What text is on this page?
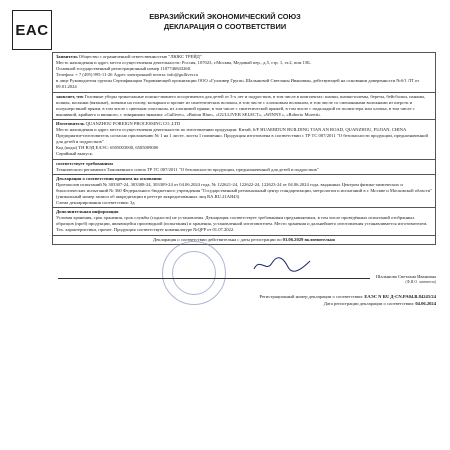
EAC
ЕВРАЗИЙСКИЙ ЭКОНОМИЧЕСКИЙ СОЮЗ
ДЕКЛАРАЦИЯ О СООТВЕТСТВИИ
Заявитель Общество с ограниченной ответственностью "ЛЮКС ТРЕЙД"
Место нахождения и адрес места осуществления деятельности: Россия, 107023, г.Москва, Медовый пер., д.5, стр. 1, эт.2, пом 15Б.
Основной государственный регистрационный номер 1107746843260.
Телефон: + 7 (495) 995-11-26 Адрес электронной почты: info@gulliver.ru
в лице Руководителя группы Сертификации Управляющей организации ООО «Гулливер Групп» Шалыновой Светланы Ивановны, действующей на основании доверенности №б/1 ЛТ от 09.01.2024
заявляет, что Головные уборы трикотажные поясно-зимнего ассортимента для детей от 3-х лет и подростков, в том числе в комплектах: шапки, шапки-шлемы, береты, бейсболки, панамы, шляпы, косынки (вязаные), повязки на голову, козырьки и прочие из синтетических волокон, в том числе с хлопковым волокном, в том числе со смешанными волокнами из шерсти и полушерстяной пряжи, в том числе с цветным эластаном, из хлопковой пряжи, в том числе с синтетической пряжей, в том числе с подкладкой из полиэстера или хлопка, в том числе с вышивкой, крайнего и вязаного, с товарными знаками: «Gulliver», «Button Blue», «GULLIVER SELECT», «WINNY», «Roberto Moretti»
Изготовитель QUANZHOU FOREIGN PROCESSING CO.,LTD
Место нахождения и адрес места осуществления деятельности по изготовлению продукции: Китай, 6/F HUAERDUN BUILDING TIAN AN ROAD, QUANZHOU, FUJIAN, CHINA
Предприятие-изготовитель согласно приложению № 1 на 1 листе, листы 1 поименно. Продукция изготовлена в соответствии с ТР ТС 007/2011 "О безопасности продукции, предназначенной для детей и подростков"
Код (коды) ТН ВЭД ЕАЭС: 6505003000, 6505009000
Серийный выпуск.
соответствует требованиям
Технического регламента Таможенного союза ТР ТС 007/2011 "О безопасности продукции, предназначенной для детей и подростков"
Декларация о соответствии принята на основании
Протоколов испытаний № 303307-24, 303308-24, 303309-24 от 04.06.2024 года, № 122621-24, 122622-24, 122623-24 от 04.06.2024 года, выданных Центром физико-химических и биологических испытаний № 360 Федерального бюджетного учреждения "Государственный региональный центр стандартизации, метрологии и испытаний в г. Москве и Московской области" (уникальный номер записи об аккредитации в реестре аккредитованных лиц RA.RU.21АЯ43)
Схема декларирования соответствия: 3д
Дополнительная информация
Условия хранения, срок хранения, срок службы (годности) не установлены. Декларация соответствует требованиям предъявляемым, в том числе проведённых испытаний отобранных образцов (проб) продукции, являющейся производной (испытания) и хранения, установленной изготовителем. Место хранения и дальнейшего изготовления устанавливается изготовителем. Тех. характеристики, прочее. Продукция соответствует номенклатуре №QFP от 01.07.2022.
Декларация о соответствии действительна с даты регистрации по 03.06.2029 включительно
Шалынова Светлана Ивановна
(Ф.И.О. заявителя)
Регистрационный номер декларации о соответствии: ЕАЭС N RU Д-CN.PA04.B.84245/24
Дата регистрации декларации о соответствии: 04.06.2024
